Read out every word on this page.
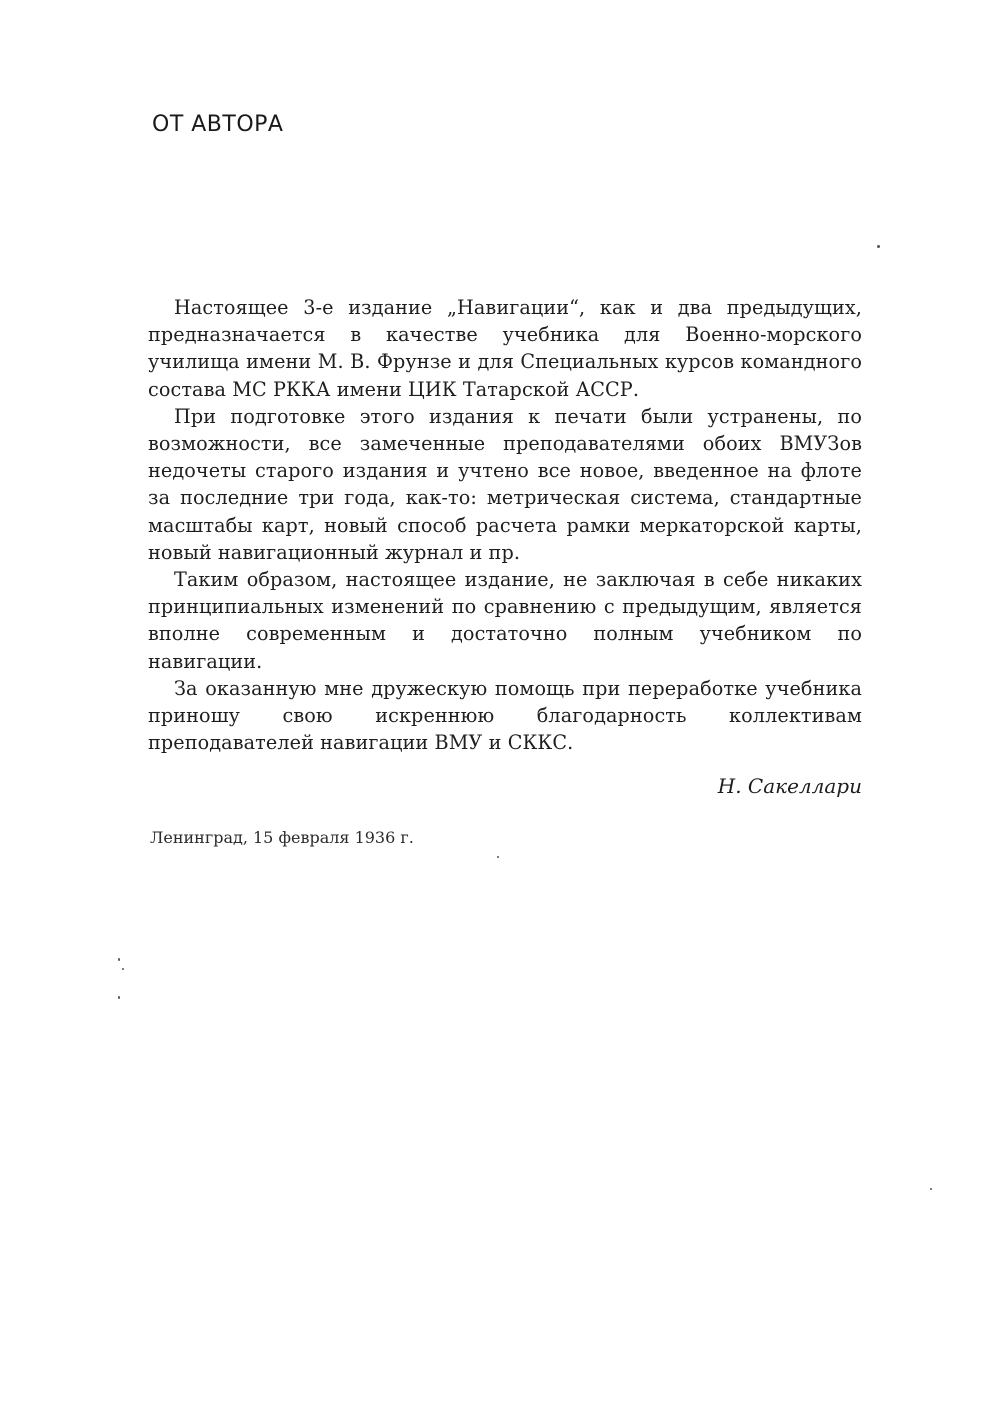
ОТ АВТОРА

Настоящее 3-е издание „Навигации“, как и два предыдущих, предназначается в качестве учебника для Военно-морского училища имени М. В. Фрунзе и для Специальных курсов командного состава МС РККА имени ЦИК Татарской АССР.

При подготовке этого издания к печати были устранены, по возможности, все замеченные преподавателями обоих ВМУЗов недочеты старого издания и учтено все новое, введенное на флоте за последние три года, как-то: метрическая система, стандартные масштабы карт, новый способ расчета рамки меркаторской карты, новый навигационный журнал и пр.

Таким образом, настоящее издание, не заключая в себе никаких принципиальных изменений по сравнению с предыдущим, является вполне современным и достаточно полным учебником по навигации.

За оказанную мне дружескую помощь при переработке учебника приношу свою искреннюю благодарность коллективам преподавателей навигации ВМУ и СККС.

Н. Сакеллари

Ленинград, 15 февраля 1936 г.
